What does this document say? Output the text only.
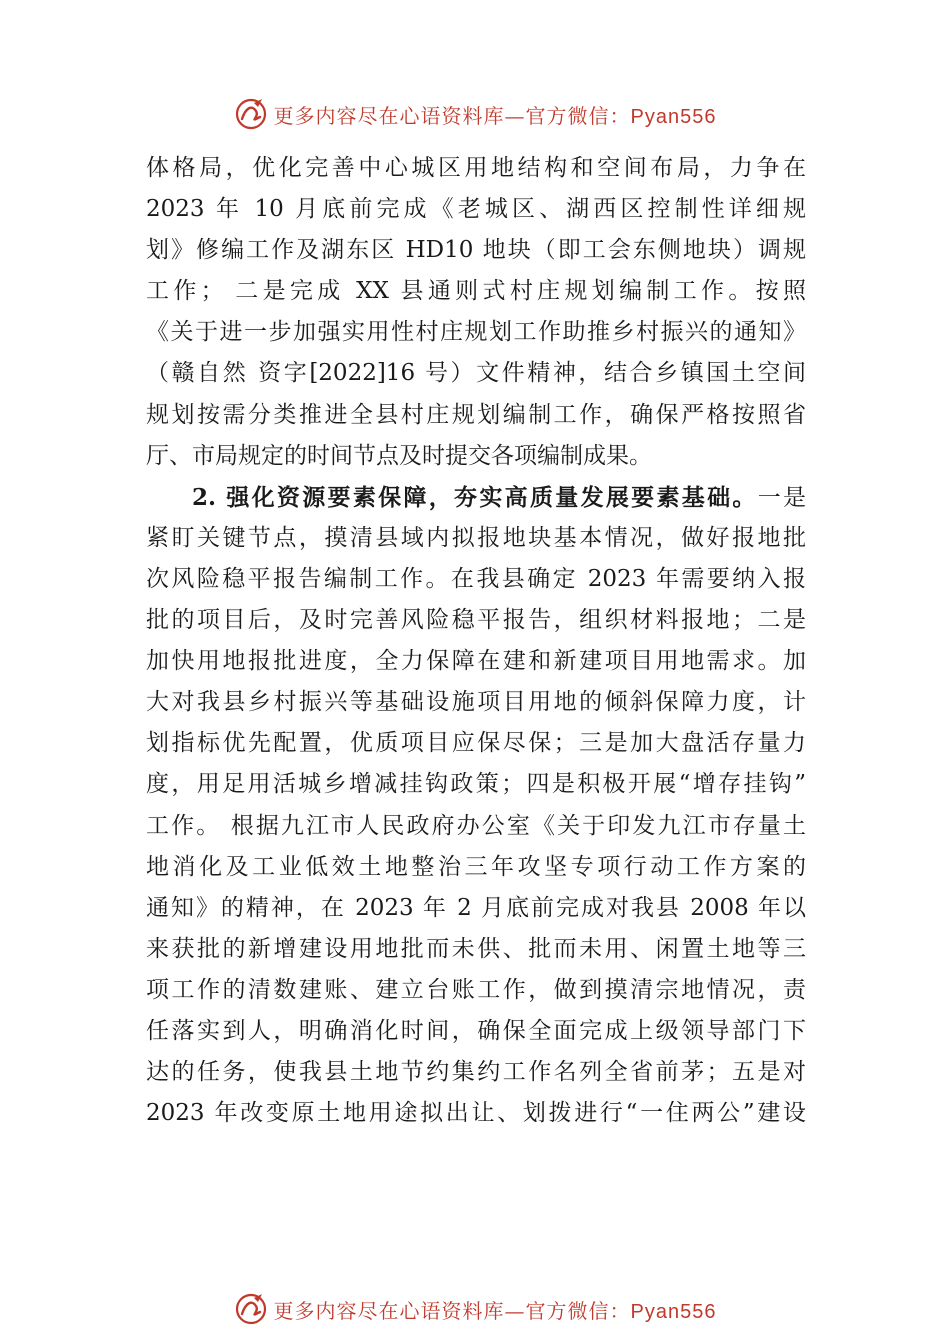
更多内容尽在心语资料库—官方微信：Pyan556
体格局，优化完善中心城区用地结构和空间布局，力争在
2023 年 10 月底前完成《老城区、湖西区控制性详细规
划》修编工作及湖东区 HD10 地块（即工会东侧地块）调规
工作； 二是完成 XX 县通则式村庄规划编制工作。按照
《关于进一步加强实用性村庄规划工作助推乡村振兴的通知》
（赣自然 资字[2022]16 号）文件精神，结合乡镇国土空间
规划按需分类推进全县村庄规划编制工作，确保严格按照省
厅、市局规定的时间节点及时提交各项编制成果。
2. 强化资源要素保障，夯实高质量发展要素基础。一是
紧盯关键节点，摸清县域内拟报地块基本情况，做好报地批
次风险稳平报告编制工作。在我县确定 2023 年需要纳入报
批的项目后，及时完善风险稳平报告，组织材料报地；二是
加快用地报批进度，全力保障在建和新建项目用地需求。加
大对我县乡村振兴等基础设施项目用地的倾斜保障力度，计
划指标优先配置，优质项目应保尽保；三是加大盘活存量力
度，用足用活城乡增减挂钩政策；四是积极开展“增存挂钩”
工作。 根据九江市人民政府办公室《关于印发九江市存量土
地消化及工业低效土地整治三年攻坚专项行动工作方案的
通知》的精神，在 2023 年 2 月底前完成对我县 2008 年以
来获批的新增建设用地批而未供、批而未用、闲置土地等三
项工作的清数建账、建立台账工作，做到摸清宗地情况，责
任落实到人，明确消化时间，确保全面完成上级领导部门下
达的任务，使我县土地节约集约工作名列全省前茅；五是对
2023 年改变原土地用途拟出让、划拨进行“一住两公”建设
更多内容尽在心语资料库—官方微信：Pyan556
